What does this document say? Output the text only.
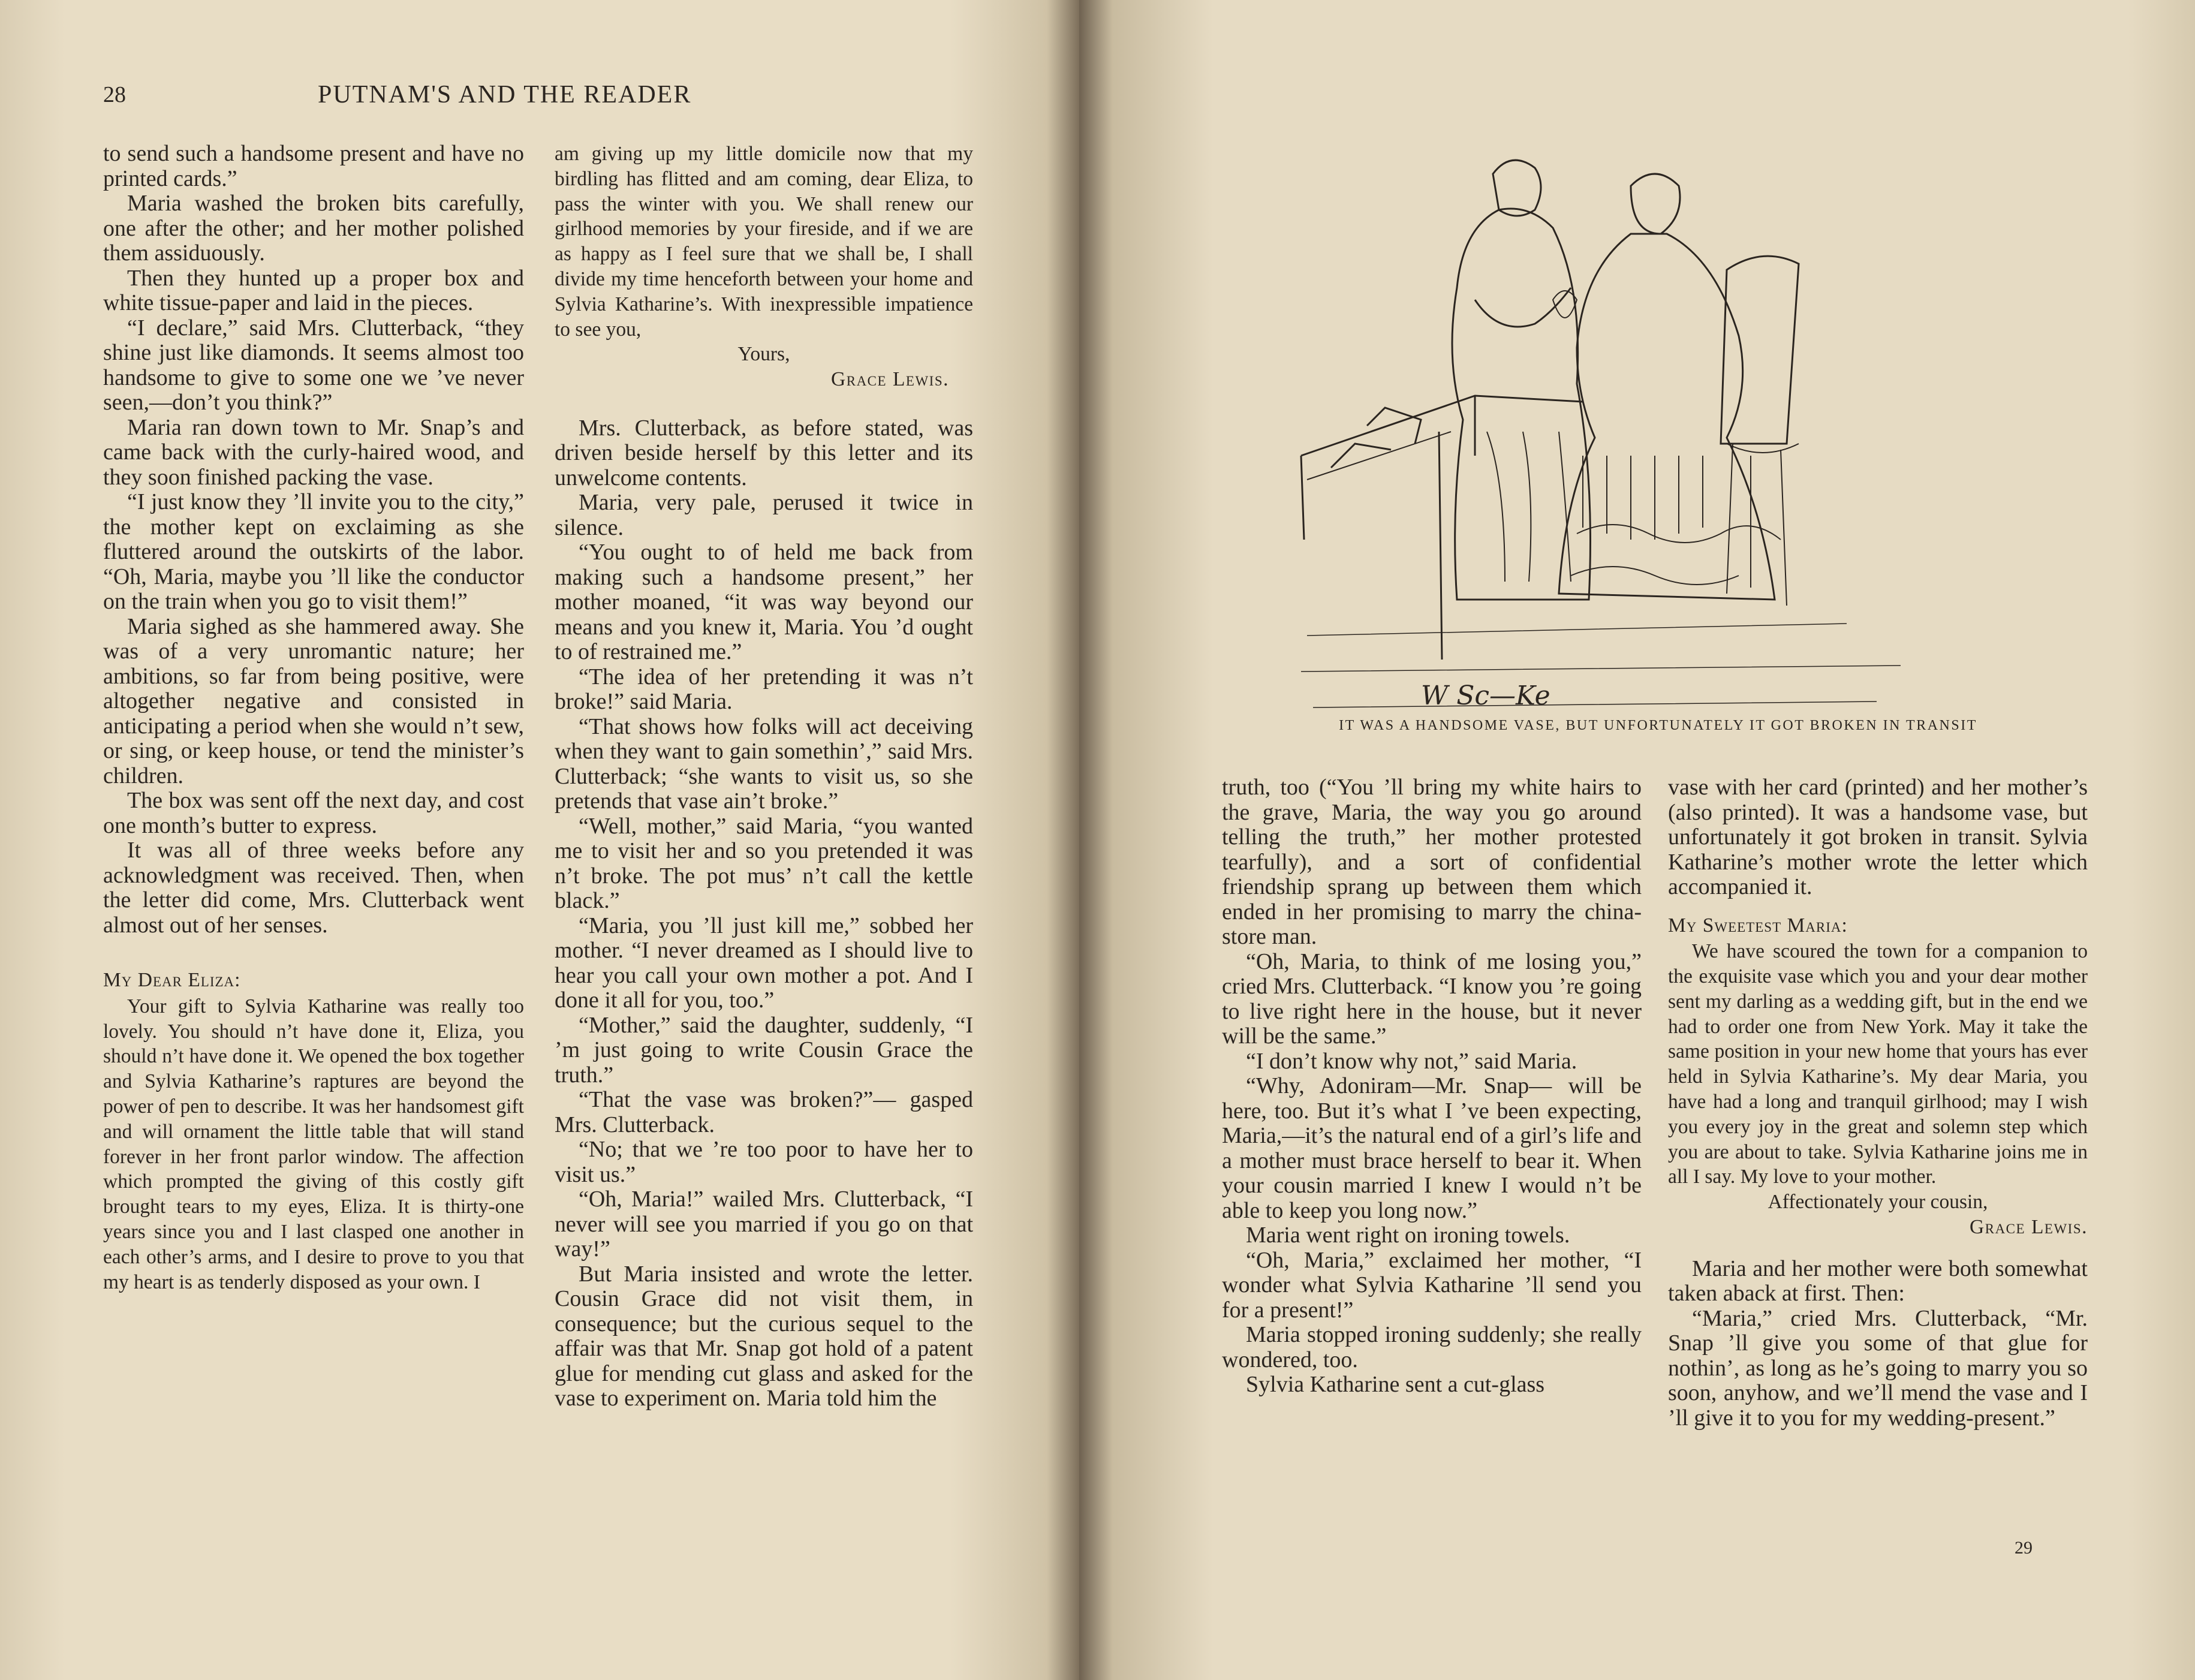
28	PUTNAM'S AND THE READER

to send such a handsome present and have no printed cards.”

Maria washed the broken bits carefully, one after the other; and her mother polished them assiduously.

Then they hunted up a proper box and white tissue-paper and laid in the pieces.

“I declare,” said Mrs. Clutterback, “they shine just like diamonds. It seems almost too handsome to give to some one we ’ve never seen,—don’t you think?”

Maria ran down town to Mr. Snap’s and came back with the curly-haired wood, and they soon finished packing the vase.

“I just know they ’ll invite you to the city,” the mother kept on exclaiming as she fluttered around the outskirts of the labor. “Oh, Maria, maybe you ’ll like the conductor on the train when you go to visit them!”

Maria sighed as she hammered away. She was of a very unromantic nature; her ambitions, so far from being positive, were altogether negative and consisted in anticipating a period when she would n’t sew, or sing, or keep house, or tend the minister’s children.

The box was sent off the next day, and cost one month’s butter to express.

It was all of three weeks before any acknowledgment was received. Then, when the letter did come, Mrs. Clutterback went almost out of her senses.

My Dear Eliza:

Your gift to Sylvia Katharine was really too lovely. You should n’t have done it, Eliza, you should n’t have done it. We opened the box together and Sylvia Katharine’s raptures are beyond the power of pen to describe. It was her handsomest gift and will ornament the little table that will stand forever in her front parlor window. The affection which prompted the giving of this costly gift brought tears to my eyes, Eliza. It is thirty-one years since you and I last clasped one another in each other’s arms, and I desire to prove to you that my heart is as tenderly disposed as your own. I

am giving up my little domicile now that my birdling has flitted and am coming, dear Eliza, to pass the winter with you. We shall renew our girlhood memories by your fireside, and if we are as happy as I feel sure that we shall be, I shall divide my time henceforth between your home and Sylvia Katharine’s. With inexpressible impatience to see you,

Yours,

Grace Lewis.

Mrs. Clutterback, as before stated, was driven beside herself by this letter and its unwelcome contents.

Maria, very pale, perused it twice in silence.

“You ought to of held me back from making such a handsome present,” her mother moaned, “it was way beyond our means and you knew it, Maria. You ’d ought to of restrained me.”

“The idea of her pretending it was n’t broke!” said Maria.

“That shows how folks will act deceiving when they want to gain somethin’,” said Mrs. Clutterback; “she wants to visit us, so she pretends that vase ain’t broke.”

“Well, mother,” said Maria, “you wanted me to visit her and so you pretended it was n’t broke. The pot mus’ n’t call the kettle black.”

“Maria, you ’ll just kill me,” sobbed her mother. “I never dreamed as I should live to hear you call your own mother a pot. And I done it all for you, too.”

“Mother,” said the daughter, suddenly, “I ’m just going to write Cousin Grace the truth.”

“That the vase was broken?”— gasped Mrs. Clutterback.

“No; that we ’re too poor to have her to visit us.”

“Oh, Maria!” wailed Mrs. Clutterback, “I never will see you married if you go on that way!”

But Maria insisted and wrote the letter. Cousin Grace did not visit them, in consequence; but the curious sequel to the affair was that Mr. Snap got hold of a patent glue for mending cut glass and asked for the vase to experiment on. Maria told him the

W Sc—Ke
IT WAS A HANDSOME VASE, BUT UNFORTUNATELY IT GOT BROKEN IN TRANSIT

truth, too (“You ’ll bring my white hairs to the grave, Maria, the way you go around telling the truth,” her mother protested tearfully), and a sort of confidential friendship sprang up between them which ended in her promising to marry the china-store man.

“Oh, Maria, to think of me losing you,” cried Mrs. Clutterback. “I know you ’re going to live right here in the house, but it never will be the same.”

“I don’t know why not,” said Maria.

“Why, Adoniram—Mr. Snap— will be here, too. But it’s what I ’ve been expecting, Maria,—it’s the natural end of a girl’s life and a mother must brace herself to bear it. When your cousin married I knew I would n’t be able to keep you long now.”

Maria went right on ironing towels.

“Oh, Maria,” exclaimed her mother, “I wonder what Sylvia Katharine ’ll send you for a present!”

Maria stopped ironing suddenly; she really wondered, too.

Sylvia Katharine sent a cut-glass

vase with her card (printed) and her mother’s (also printed). It was a handsome vase, but unfortunately it got broken in transit. Sylvia Katharine’s mother wrote the letter which accompanied it.

My Sweetest Maria:

We have scoured the town for a companion to the exquisite vase which you and your dear mother sent my darling as a wedding gift, but in the end we had to order one from New York. May it take the same position in your new home that yours has ever held in Sylvia Katharine’s. My dear Maria, you have had a long and tranquil girlhood; may I wish you every joy in the great and solemn step which you are about to take. Sylvia Katharine joins me in all I say. My love to your mother.

Affectionately your cousin,

Grace Lewis.

Maria and her mother were both somewhat taken aback at first. Then:

“Maria,” cried Mrs. Clutterback, “Mr. Snap ’ll give you some of that glue for nothin’, as long as he’s going to marry you so soon, anyhow, and we’ll mend the vase and I ’ll give it to you for my wedding-present.”

29
